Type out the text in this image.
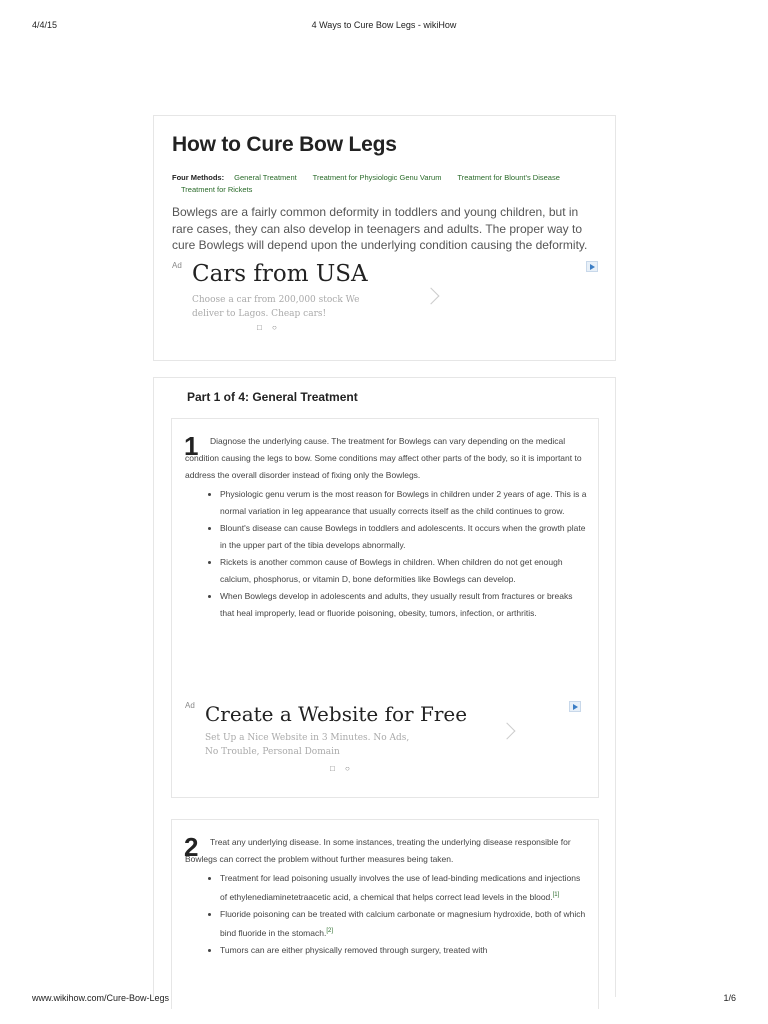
4/4/15	4 Ways to Cure Bow Legs - wikiHow
How to Cure Bow Legs
Four Methods: General Treatment Treatment for Physiologic Genu Varum Treatment for Blount's Disease
Treatment for Rickets

Bowlegs are a fairly common deformity in toddlers and young children, but in rare cases, they can also develop in teenagers and adults. The proper way to cure Bowlegs will depend upon the underlying condition causing the deformity.

Ad Cars from USA
Choose a car from 200,000 stock We deliver to Lagos. Cheap cars!
□ ○
Part 1 of 4: General Treatment
1	Diagnose the underlying cause. The treatment for Bowlegs can vary depending on the medical condition causing the legs to bow. Some conditions may affect other parts of the body, so it is important to address the overall disorder instead of fixing only the Bowlegs.

• Physiologic genu verum is the most reason for Bowlegs in children under 2 years of age. This is a normal variation in leg appearance that usually corrects itself as the child continues to grow.
• Blount's disease can cause Bowlegs in toddlers and adolescents. It occurs when the growth plate in the upper part of the tibia develops abnormally.
• Rickets is another common cause of Bowlegs in children. When children do not get enough calcium, phosphorus, or vitamin D, bone deformities like Bowlegs can develop.
• When Bowlegs develop in adolescents and adults, they usually result from fractures or breaks that heal improperly, lead or fluoride poisoning, obesity, tumors, infection, or arthritis.
Ad Create a Website for Free
Set Up a Nice Website in 3 Minutes. No Ads, No Trouble, Personal Domain
□ ○
2	Treat any underlying disease. In some instances, treating the underlying disease responsible for Bowlegs can correct the problem without further measures being taken.

• Treatment for lead poisoning usually involves the use of lead-binding medications and injections of ethylenediaminetetraacetic acid, a chemical that helps correct lead levels in the blood.[1]
• Fluoride poisoning can be treated with calcium carbonate or magnesium hydroxide, both of which bind fluoride in the stomach.[2]
• Tumors can are either physically removed through surgery, treated with
www.wikihow.com/Cure-Bow-Legs	1/6
